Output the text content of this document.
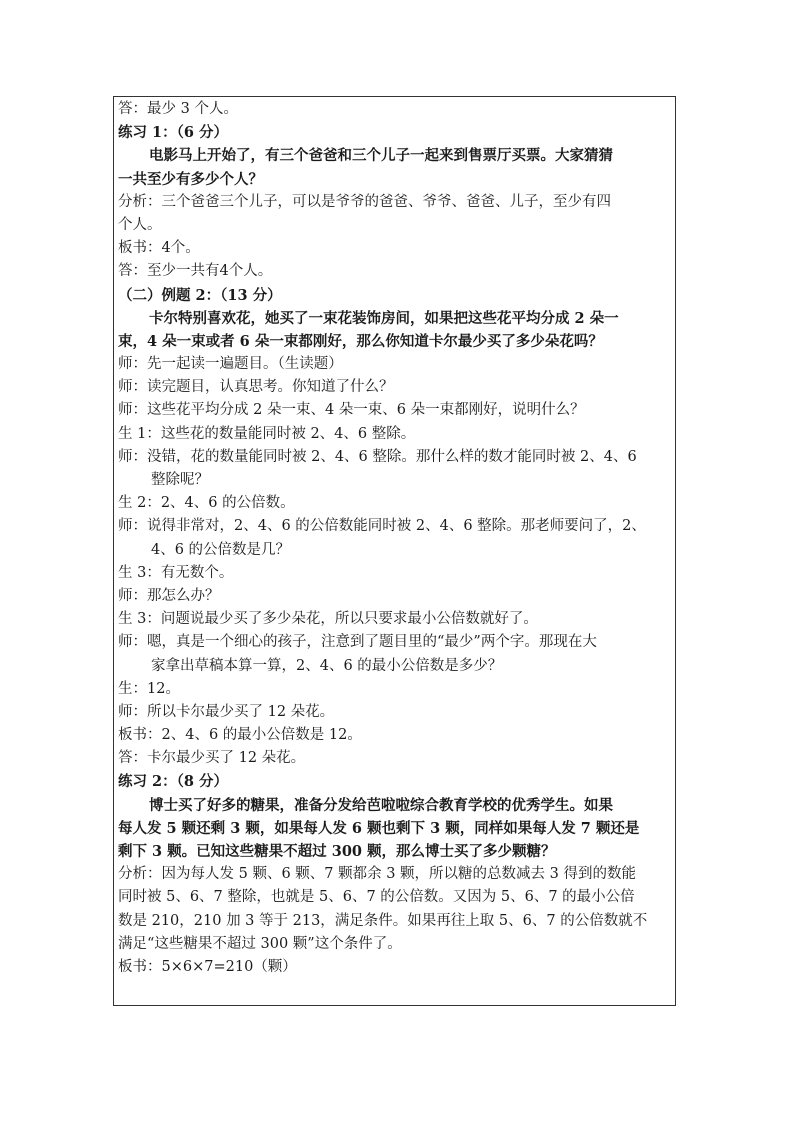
答：最少 3 个人。
练习 1：（6 分）
电影马上开始了，有三个爸爸和三个儿子一起来到售票厅买票。大家猜猜
一共至少有多少个人？
分析：三个爸爸三个儿子，可以是爷爷的爸爸、爷爷、爸爸、儿子，至少有四
个人。
板书：4个。
答：至少一共有4个人。
（二）例题 2：（13 分）
卡尔特别喜欢花，她买了一束花装饰房间，如果把这些花平均分成 2 朵一
束，4 朵一束或者 6 朵一束都刚好，那么你知道卡尔最少买了多少朵花吗？
师：先一起读一遍题目。（生读题）
师：读完题目，认真思考。你知道了什么？
师：这些花平均分成 2 朵一束、4 朵一束、6 朵一束都刚好，说明什么？
生 1：这些花的数量能同时被 2、4、6 整除。
师：没错，花的数量能同时被 2、4、6 整除。那什么样的数才能同时被 2、4、6
整除呢？
生 2：2、4、6 的公倍数。
师：说得非常对，2、4、6 的公倍数能同时被 2、4、6 整除。那老师要问了，2、
4、6 的公倍数是几？
生 3：有无数个。
师：那怎么办？
生 3：问题说最少买了多少朵花，所以只要求最小公倍数就好了。
师：嗯，真是一个细心的孩子，注意到了题目里的“最少”两个字。那现在大
家拿出草稿本算一算，2、4、6 的最小公倍数是多少？
生：12。
师：所以卡尔最少买了 12 朵花。
板书：2、4、6 的最小公倍数是 12。
答：卡尔最少买了 12 朵花。
练习 2：（8 分）
博士买了好多的糖果，准备分发给芭啦啦综合教育学校的优秀学生。如果
每人发 5 颗还剩 3 颗，如果每人发 6 颗也剩下 3 颗，同样如果每人发 7 颗还是
剩下 3 颗。已知这些糖果不超过 300 颗，那么博士买了多少颗糖？
分析：因为每人发 5 颗、6 颗、7 颗都余 3 颗，所以糖的总数减去 3 得到的数能
同时被 5、6、7 整除，也就是 5、6、7 的公倍数。又因为 5、6、7 的最小公倍
数是 210，210 加 3 等于 213，满足条件。如果再往上取 5、6、7 的公倍数就不
满足“这些糖果不超过 300 颗”这个条件了。
板书：5×6×7=210（颗）
